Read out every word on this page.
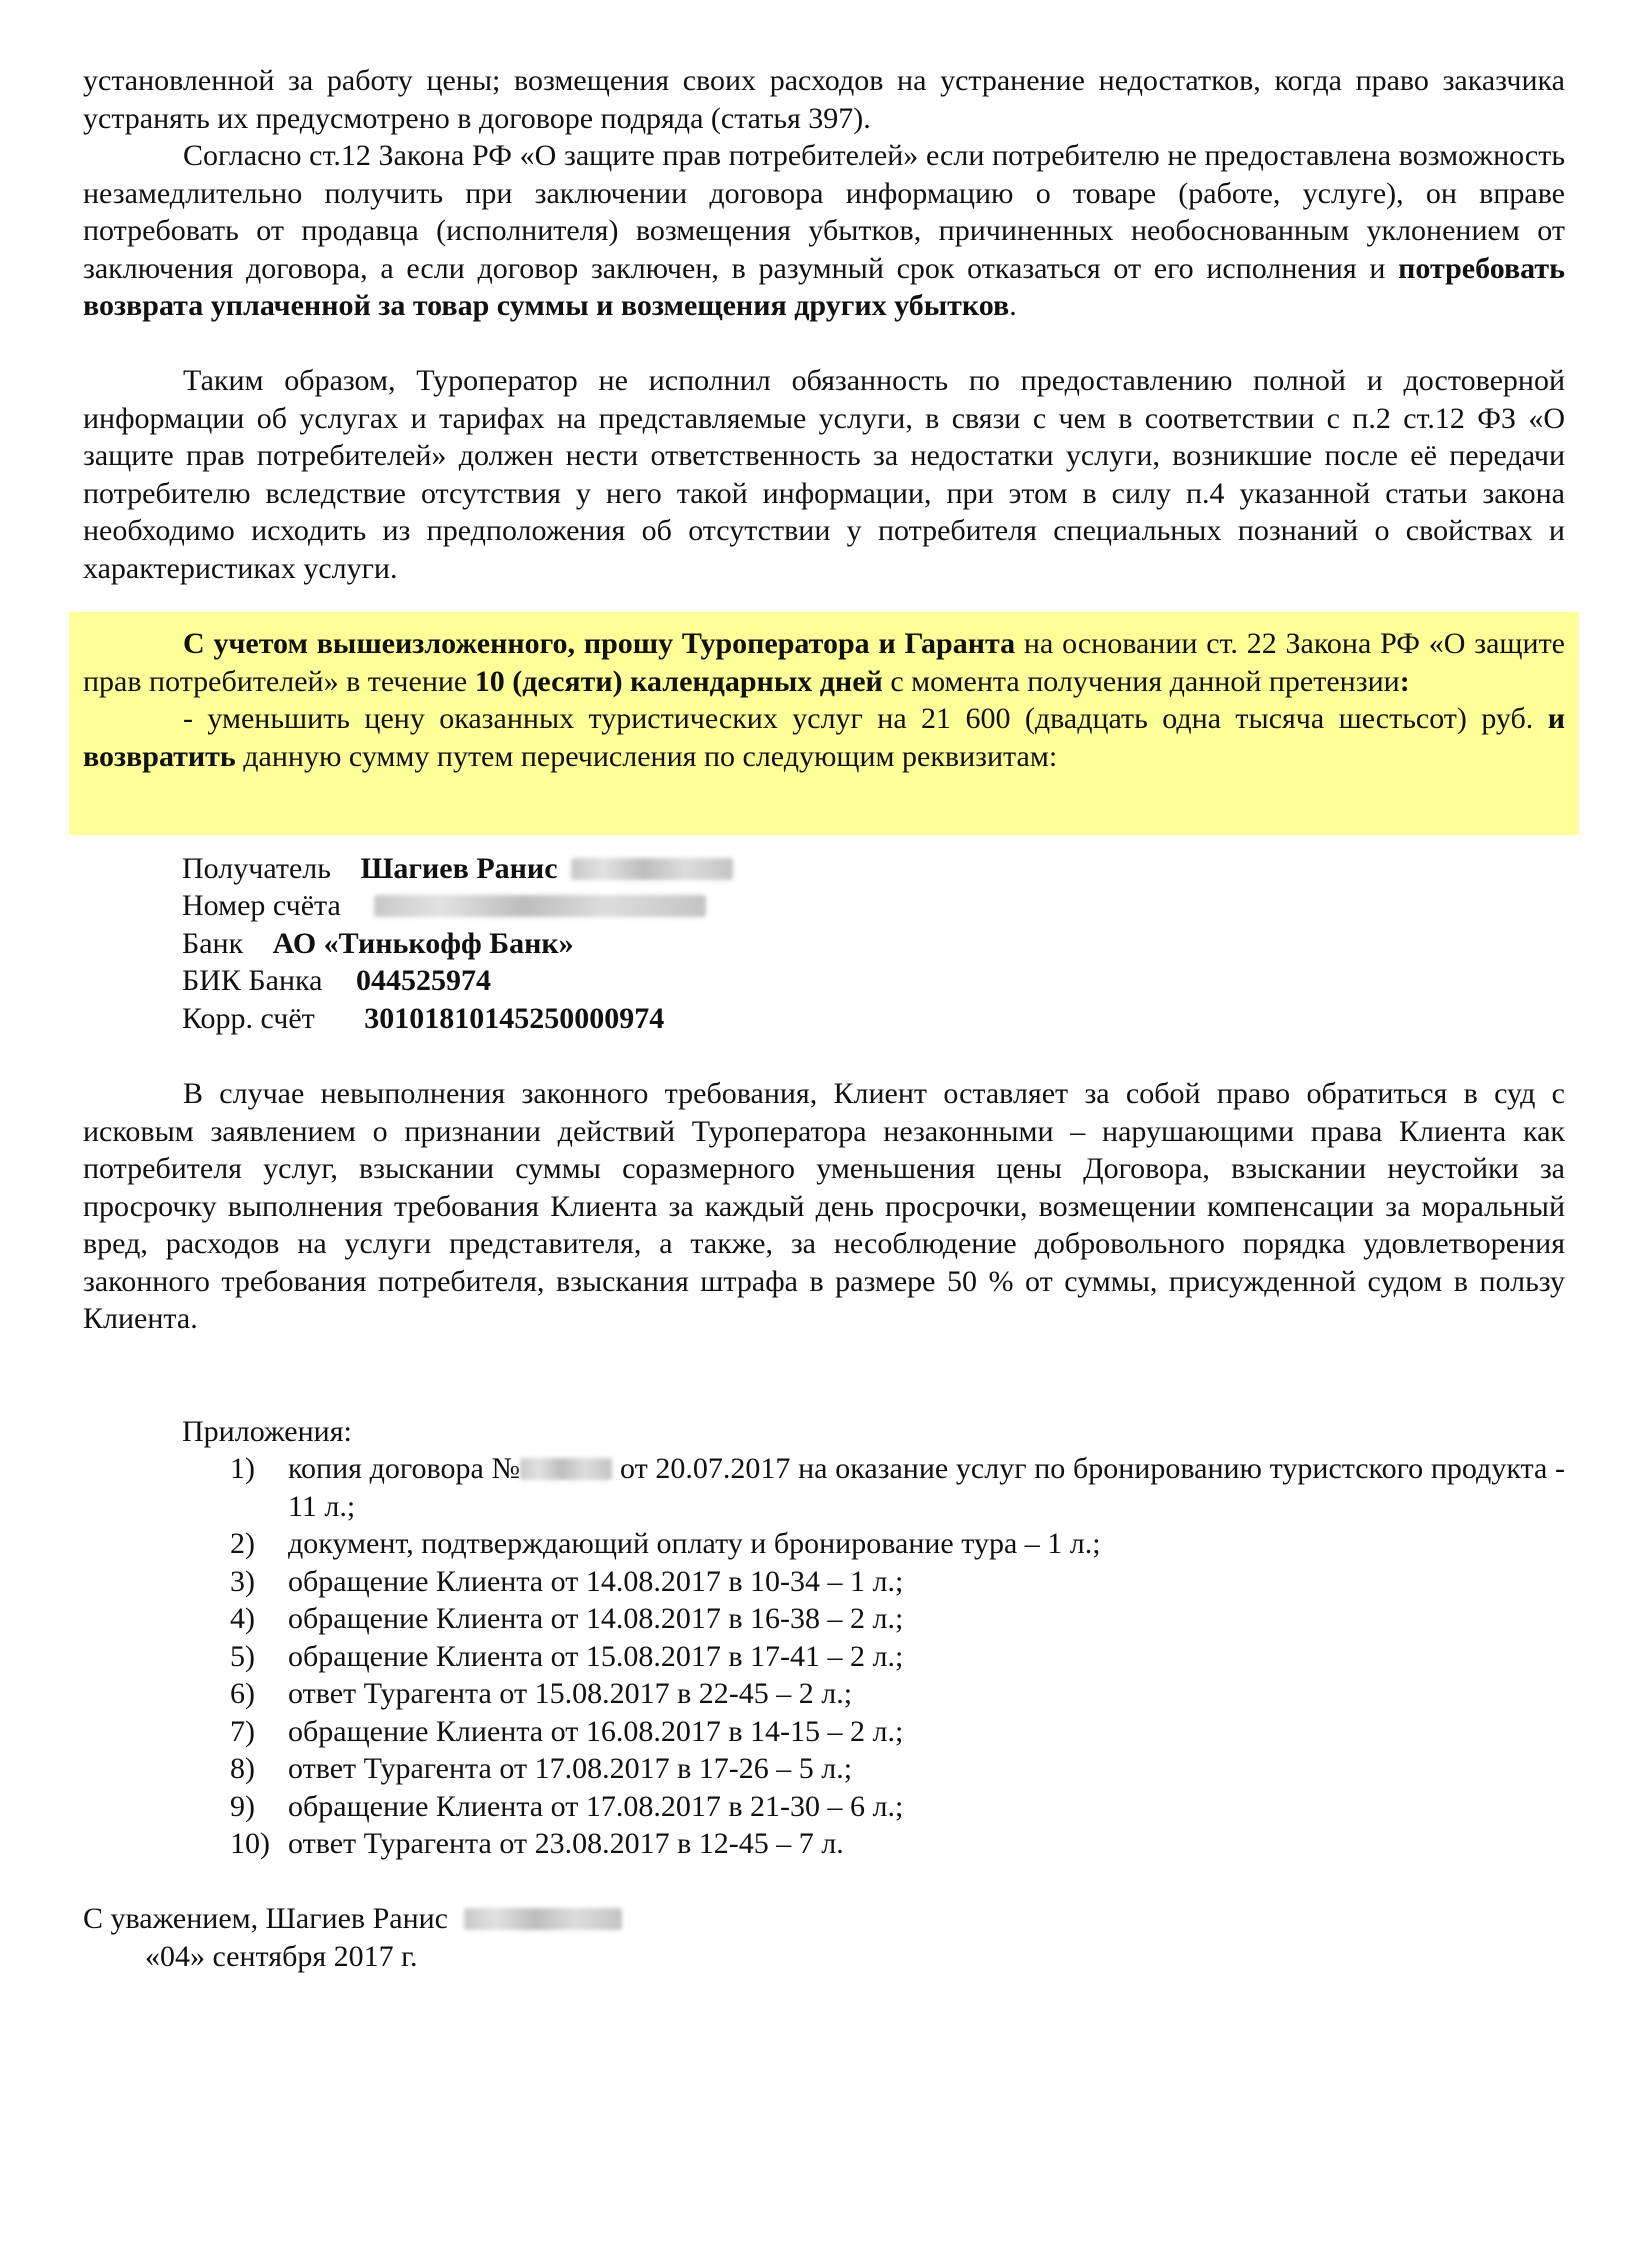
установленной за работу цены; возмещения своих расходов на устранение недостатков, когда право заказчика устранять их предусмотрено в договоре подряда (статья 397).

Согласно ст.12 Закона РФ «О защите прав потребителей» если потребителю не предоставлена возможность незамедлительно получить при заключении договора информацию о товаре (работе, услуге), он вправе потребовать от продавца (исполнителя) возмещения убытков, причиненных необоснованным уклонением от заключения договора, а если договор заключен, в разумный срок отказаться от его исполнения и потребовать возврата уплаченной за товар суммы и возмещения других убытков.

Таким образом, Туроператор не исполнил обязанность по предоставлению полной и достоверной информации об услугах и тарифах на представляемые услуги, в связи с чем в соответствии с п.2 ст.12 ФЗ «О защите прав потребителей» должен нести ответственность за недостатки услуги, возникшие после её передачи потребителю вследствие отсутствия у него такой информации, при этом в силу п.4 указанной статьи закона необходимо исходить из предположения об отсутствии у потребителя специальных познаний о свойствах и характеристиках услуги.

С учетом вышеизложенного, прошу Туроператора и Гаранта на основании ст. 22 Закона РФ «О защите прав потребителей» в течение 10 (десяти) календарных дней с момента получения данной претензии:

- уменьшить цену оказанных туристических услуг на 21 600 (двадцать одна тысяча шестьсот) руб. и возвратить данную сумму путем перечисления по следующим реквизитам:

Получатель Шагиев Ранис
Номер счёта
Банк АО «Тинькофф Банк»
БИК Банка 044525974
Корр. счёт 30101810145250000974

В случае невыполнения законного требования, Клиент оставляет за собой право обратиться в суд с исковым заявлением о признании действий Туроператора незаконными – нарушающими права Клиента как потребителя услуг, взыскании суммы соразмерного уменьшения цены Договора, взыскании неустойки за просрочку выполнения требования Клиента за каждый день просрочки, возмещении компенсации за моральный вред, расходов на услуги представителя, а также, за несоблюдение добровольного порядка удовлетворения законного требования потребителя, взыскания штрафа в размере 50 % от суммы, присужденной судом в пользу Клиента.

Приложения:
1)	копия договора №	от 20.07.2017 на оказание услуг по бронированию туристского продукта - 11 л.;
2)	документ, подтверждающий оплату и бронирование тура – 1 л.;
3)	обращение Клиента от 14.08.2017 в 10-34 – 1 л.;
4)	обращение Клиента от 14.08.2017 в 16-38 – 2 л.;
5)	обращение Клиента от 15.08.2017 в 17-41 – 2 л.;
6)	ответ Турагента от 15.08.2017 в 22-45 – 2 л.;
7)	обращение Клиента от 16.08.2017 в 14-15 – 2 л.;
8)	ответ Турагента от 17.08.2017 в 17-26 – 5 л.;
9)	обращение Клиента от 17.08.2017 в 21-30 – 6 л.;
10) ответ Турагента от 23.08.2017 в 12-45 – 7 л.
С уважением, Шагиев Ранис
«04» сентября 2017 г.
